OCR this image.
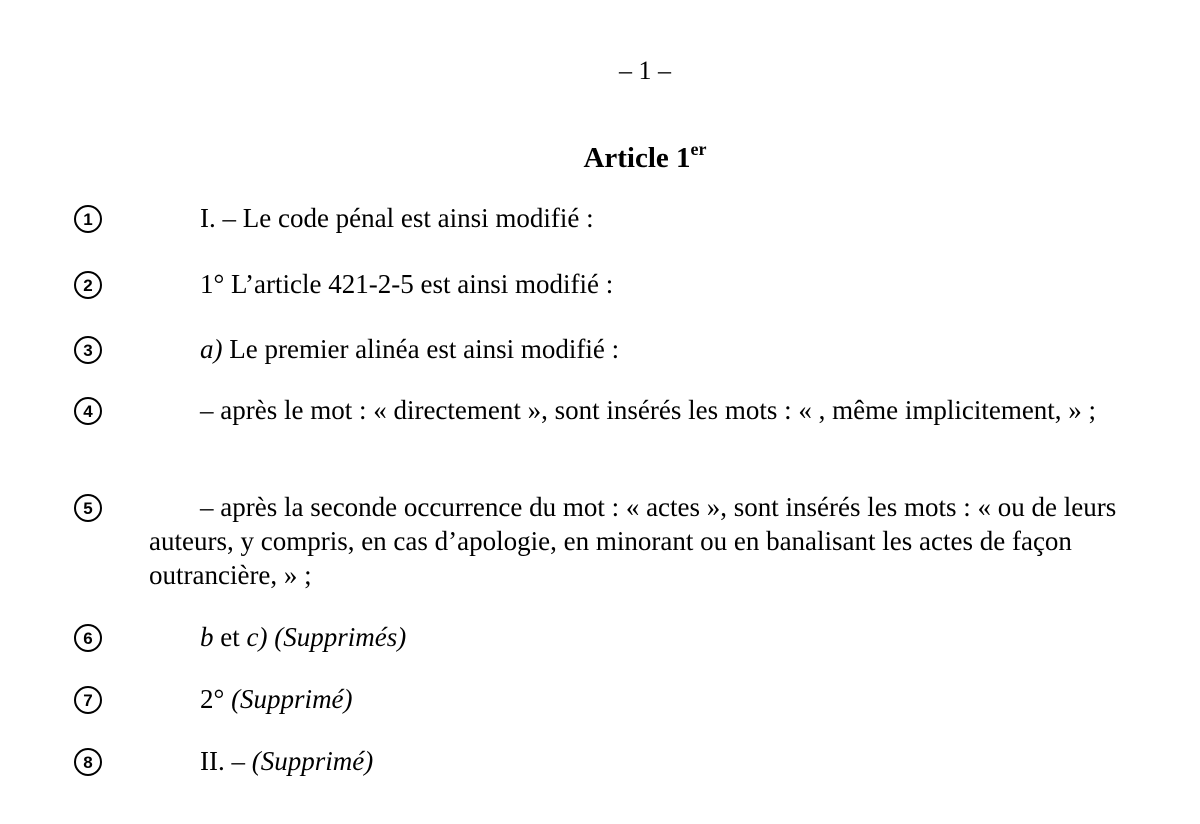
– 1 –
Article 1er
1	I. – Le code pénal est ainsi modifié :

2	1° L’article 421-2-5 est ainsi modifié :

3	a) Le premier alinéa est ainsi modifié :

4	– après le mot : « directement », sont insérés les mots : « , même implicitement, » ;

5	– après la seconde occurrence du mot : « actes », sont insérés les mots : « ou de leurs auteurs, y compris, en cas d’apologie, en minorant ou en banalisant les actes de façon outrancière, » ;

6	b et c) (Supprimés)

7	2° (Supprimé)

8	II. – (Supprimé)
